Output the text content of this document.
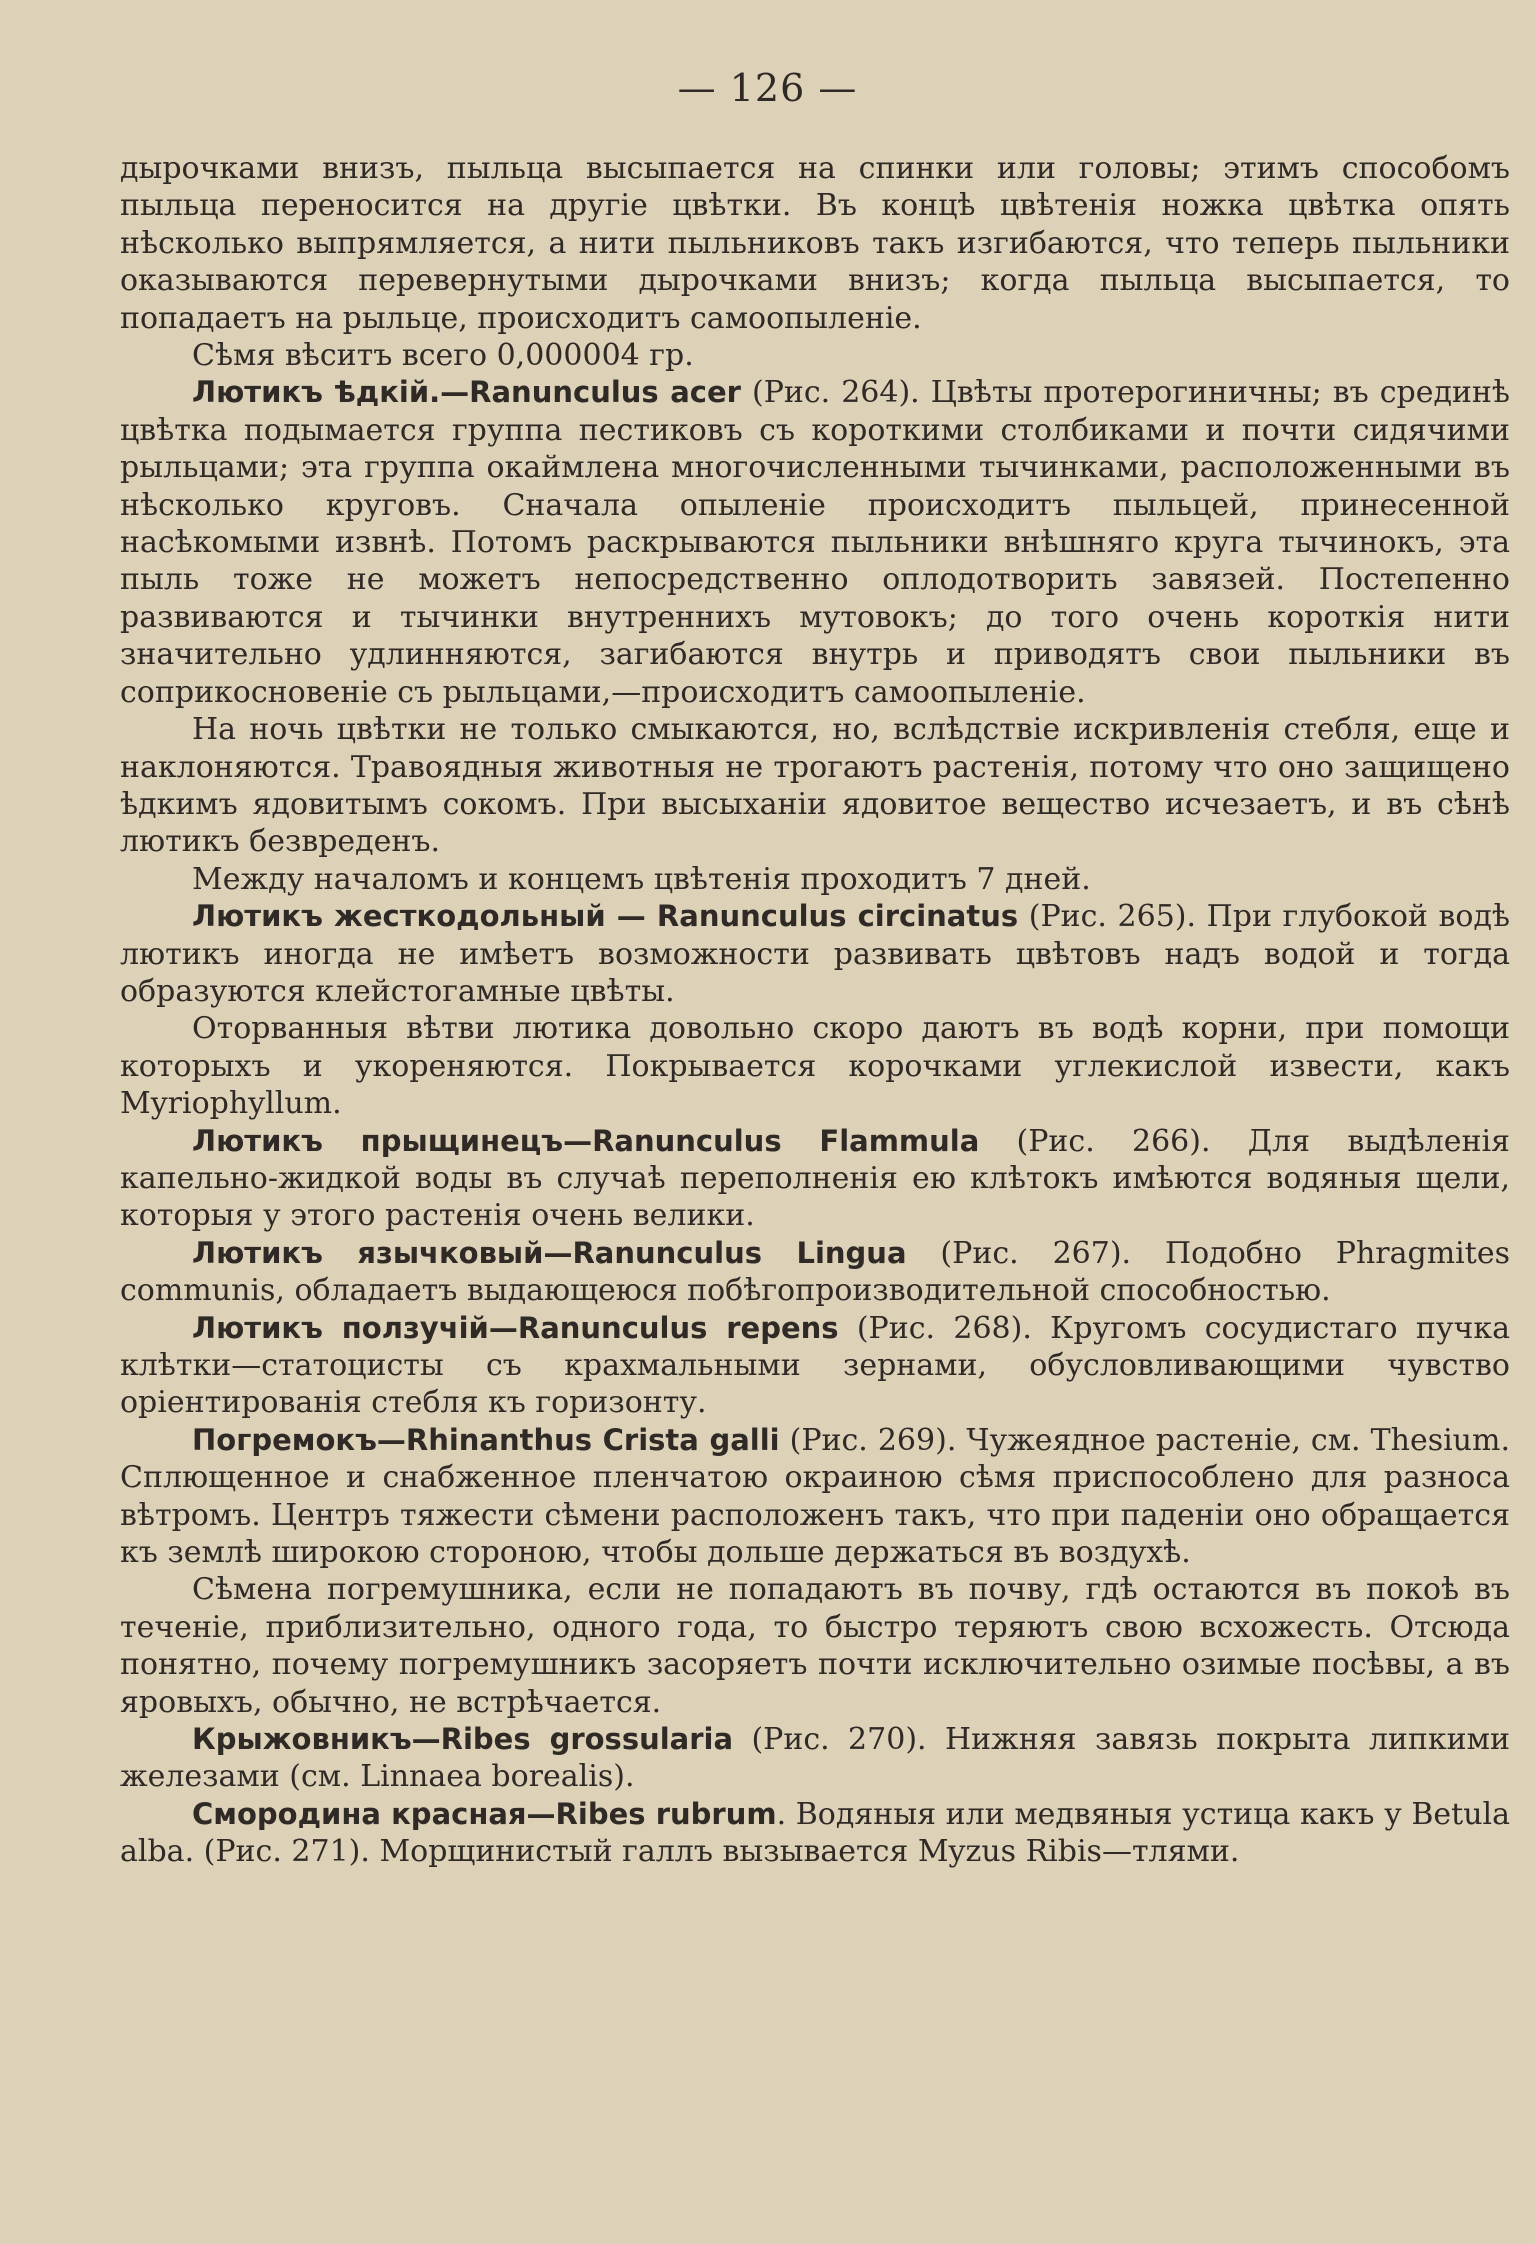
— 126 —

дырочками внизъ, пыльца высыпается на спинки или головы; этимъ способомъ пыльца переносится на другіе цвѣтки. Въ концѣ цвѣтенія ножка цвѣтка опять нѣсколько выпрямляется, а нити пыльниковъ такъ изгибаются, что теперь пыльники оказываются перевернутыми дырочками внизъ; когда пыльца высыпается, то попадаетъ на рыльце, происходитъ самоопыленіе.

Сѣмя вѣситъ всего 0,000004 гр.

Лютикъ ѣдкій.—Ranunculus acer (Рис. 264). Цвѣты протерогиничны; въ срединѣ цвѣтка подымается группа пестиковъ съ короткими столбиками и почти сидячими рыльцами; эта группа окаймлена многочисленными тычинками, расположенными въ нѣсколько круговъ. Сначала опыленіе происходитъ пыльцей, принесенной насѣкомыми извнѣ. Потомъ раскрываются пыльники внѣшняго круга тычинокъ, эта пыль тоже не можетъ непосредственно оплодотворить завязей. Постепенно развиваются и тычинки внутреннихъ мутовокъ; до того очень короткія нити значительно удлинняются, загибаются внутрь и приводятъ свои пыльники въ соприкосновеніе съ рыльцами,—происходитъ самоопыленіе.

На ночь цвѣтки не только смыкаются, но, вслѣдствіе искривленія стебля, еще и наклоняются. Травоядныя животныя не трогаютъ растенія, потому что оно защищено ѣдкимъ ядовитымъ сокомъ. При высыханіи ядовитое вещество исчезаетъ, и въ сѣнѣ лютикъ безвреденъ.

Между началомъ и концемъ цвѣтенія проходитъ 7 дней.

Лютикъ жесткодольный — Ranunculus circinatus (Рис. 265). При глубокой водѣ лютикъ иногда не имѣетъ возможности развивать цвѣтовъ надъ водой и тогда образуются клейстогамные цвѣты.

Оторванныя вѣтви лютика довольно скоро даютъ въ водѣ корни, при помощи которыхъ и укореняются. Покрывается корочками углекислой извести, какъ Myriophyllum.

Лютикъ прыщинецъ—Ranunculus Flammula (Рис. 266). Для выдѣленія капельно-жидкой воды въ случаѣ переполненія ею клѣтокъ имѣются водяныя щели, которыя у этого растенія очень велики.

Лютикъ язычковый—Ranunculus Lingua (Рис. 267). Подобно Phragmites communis, обладаетъ выдающеюся побѣгопроизводительной способностью.

Лютикъ ползучій—Ranunculus repens (Рис. 268). Кругомъ сосудистаго пучка клѣтки—статоцисты съ крахмальными зернами, обусловливающими чувство оріентированія стебля къ горизонту.

Погремокъ—Rhinanthus Crista galli (Рис. 269). Чужеядное растеніе, см. Thesium. Сплющенное и снабженное пленчатою окраиною сѣмя приспособлено для разноса вѣтромъ. Центръ тяжести сѣмени расположенъ такъ, что при паденіи оно обращается къ землѣ широкою стороною, чтобы дольше держаться въ воздухѣ.

Сѣмена погремушника, если не попадаютъ въ почву, гдѣ остаются въ покоѣ въ теченіе, приблизительно, одного года, то быстро теряютъ свою всхожесть. Отсюда понятно, почему погремушникъ засоряетъ почти исключительно озимые посѣвы, а въ яровыхъ, обычно, не встрѣчается.

Крыжовникъ—Ribes grossularia (Рис. 270). Нижняя завязь покрыта липкими железами (см. Linnaea borealis).

Смородина красная—Ribes rubrum. Водяныя или медвяныя устица какъ у Betula alba. (Рис. 271). Морщинистый галлъ вызывается Myzus Ribis—тлями.
